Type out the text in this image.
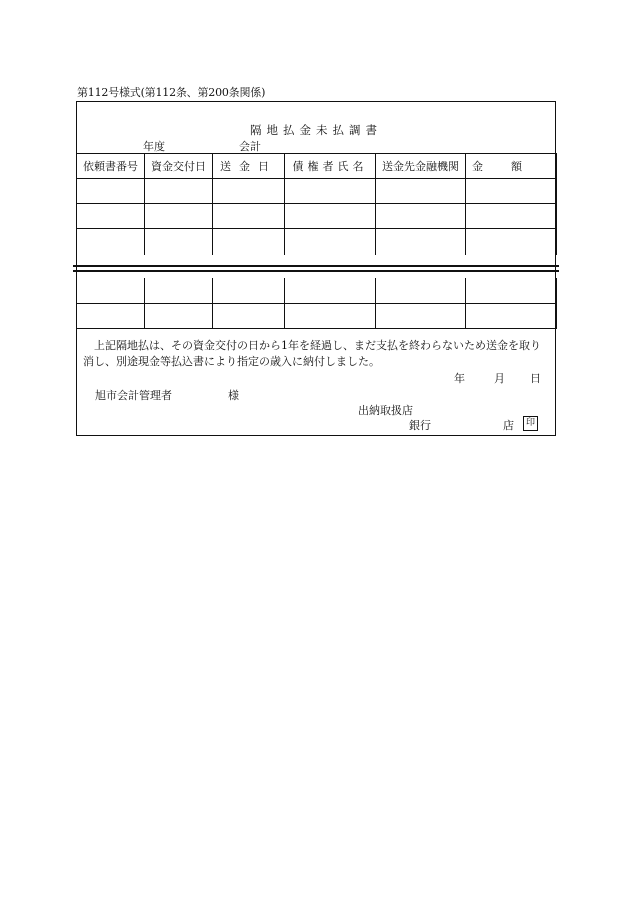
第112号様式(第112条、第200条関係)
隔地払金未払調書
年度	会計
依頼書番号	資金交付日	送金日	債権者氏名	送金先金融機関	金額

上記隔地払は、その資金交付の日から1年を経過し、まだ支払を終わらないため送金を取り消し、別途現金等払込書により指定の歳入に納付しました。
年	月 日
旭市会計管理者	様
出納取扱店
銀行	店	印
